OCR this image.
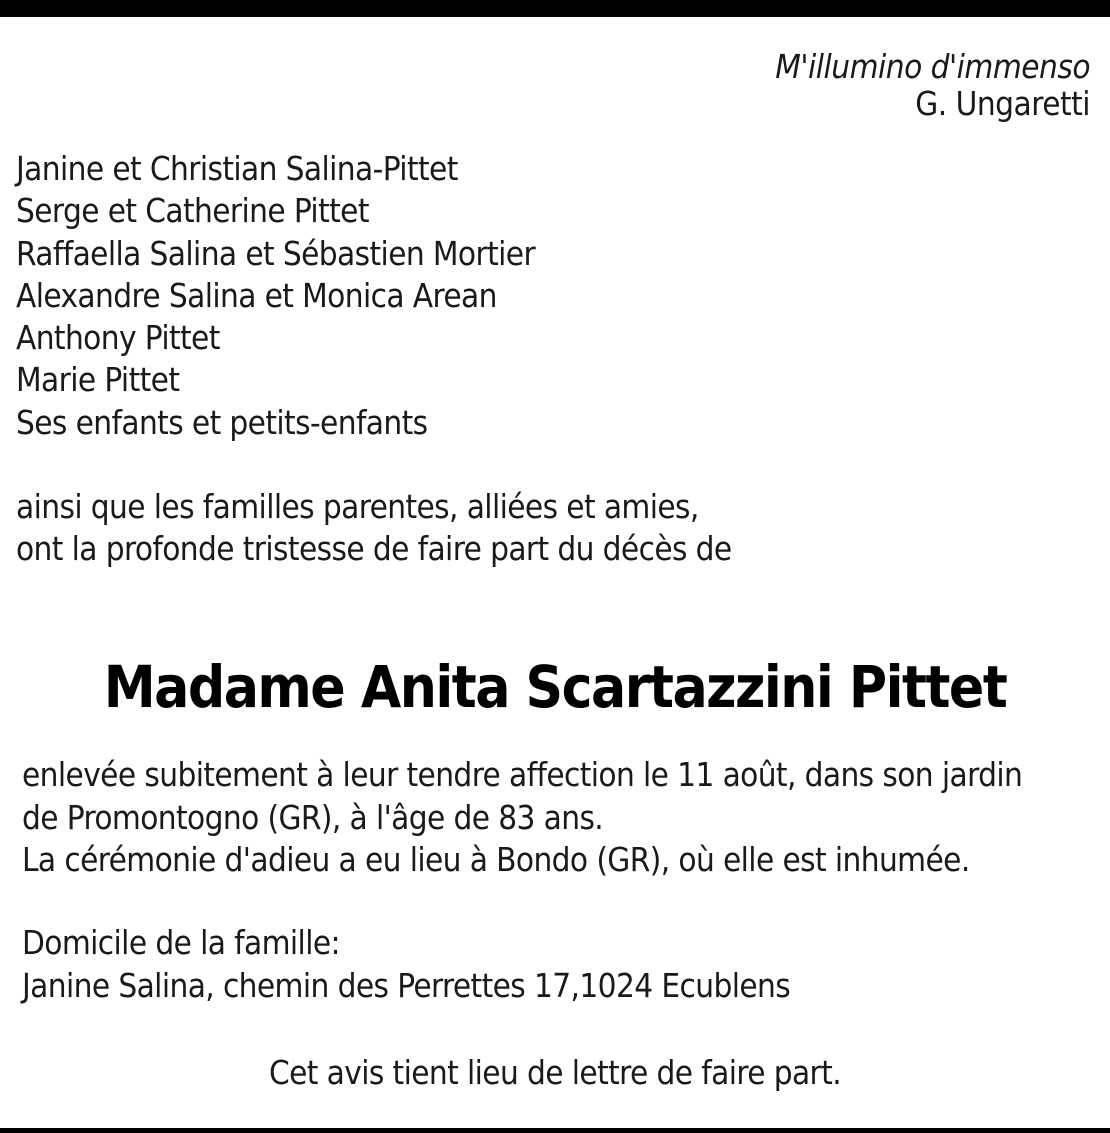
M'illumino d'immenso
G. Ungaretti
Janine et Christian Salina-Pittet
Serge et Catherine Pittet
Raffaella Salina et Sébastien Mortier
Alexandre Salina et Monica Arean
Anthony Pittet
Marie Pittet
Ses enfants et petits-enfants
ainsi que les familles parentes, alliées et amies,
ont la profonde tristesse de faire part du décès de
Madame Anita Scartazzini Pittet
enlevée subitement à leur tendre affection le 11 août, dans son jardin
de Promontogno (GR), à l'âge de 83 ans.
La cérémonie d'adieu a eu lieu à Bondo (GR), où elle est inhumée.
Domicile de la famille:
Janine Salina, chemin des Perrettes 17,1024 Ecublens
Cet avis tient lieu de lettre de faire part.
